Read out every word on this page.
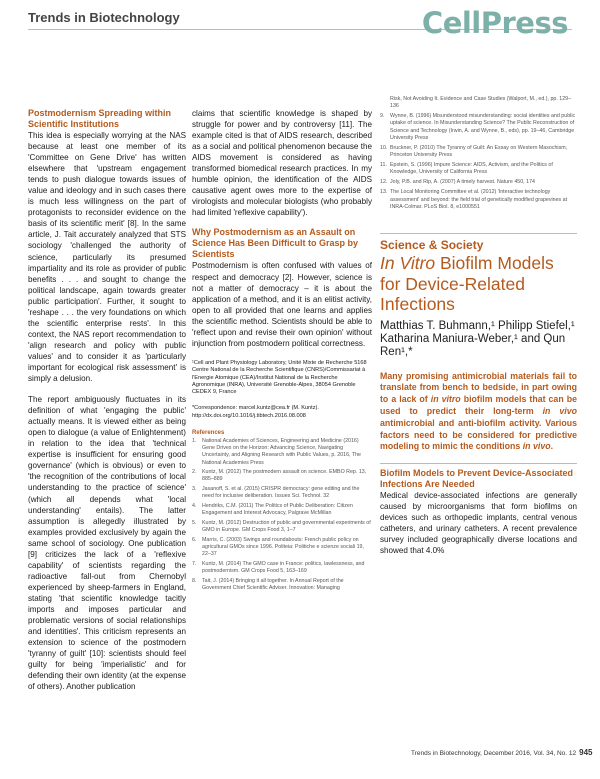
Trends in Biotechnology	CellPress

Postmodernism Spreading within Scientific Institutions

This idea is especially worrying at the NAS because at least one member of its 'Committee on Gene Drive' has written elsewhere that 'upstream engagement tends to push dialogue towards issues of value and ideology and in such cases there is much less willingness on the part of protagonists to reconsider evidence on the basis of its scientific merit' [8]. In the same article, J. Tait accurately analyzed that STS sociology 'challenged the authority of science, particularly its presumed impartiality and its role as provider of public benefits . . . and sought to change the political landscape, again towards greater public participation'. Further, it sought to 'reshape . . . the very foundations on which the scientific enterprise rests'. In this context, the NAS report recommendation to 'align research and policy with public values' and to consider it as 'particularly important for ecological risk assessment' is simply a delusion.

The report ambiguously fluctuates in its definition of what 'engaging the public' actually means. It is viewed either as being open to dialogue (a value of Enlightenment) in relation to the idea that 'technical expertise is insufficient for ensuring good governance' (which is obvious) or even to 'the recognition of the contributions of local understanding to the practice of science' (which all depends what 'local understanding' entails). The latter assumption is allegedly illustrated by examples provided exclusively by again the same school of sociology. One publication [9] criticizes the lack of a 'reflexive capability' of scientists regarding the radioactive fall-out from Chernobyl experienced by sheep-farmers in England, stating 'that scientific knowledge tacitly imports and imposes particular and problematic versions of social relationships and identities'. This criticism represents an extension to science of the postmodern 'tyranny of guilt' [10]: scientists should feel guilty for being 'imperialistic' and for defending their own identity (at the expense of others). Another publication

claims that scientific knowledge is shaped by struggle for power and by controversy [11]. The example cited is that of AIDS research, described as a social and political phenomenon because the AIDS movement is considered as having transformed biomedical research practices. In my humble opinion, the identification of the AIDS causative agent owes more to the expertise of virologists and molecular biologists (who probably had limited 'reflexive capability').

Why Postmodernism as an Assault on Science Has Been Difficult to Grasp by Scientists

Postmodernism is often confused with values of respect and democracy [2]. However, science is not a matter of democracy – it is about the application of a method, and it is an elitist activity, open to all provided that one learns and applies the scientific method. Scientists should be able to 'reflect upon and revise their own opinion' without injunction from postmodern political correctness.

¹Cell and Plant Physiology Laboratory, Unité Mixte de Recherche 5168 Centre National de la Recherche Scientifique (CNRS)/Commissariat à l'Energie Atomique (CEA)/Institut National de la Recherche Agronomique (INRA), Université Grenoble-Alpes, 38054 Grenoble CEDEX 9, France

*Correspondence: marcel.kuntz@cea.fr (M. Kuntz).

http://dx.doi.org/10.1016/j.tibtech.2016.08.008

References

1.	National Academies of Sciences, Engineering and Medicine (2016) Gene Drives on the Horizon: Advancing Science, Navigating Uncertainty, and Aligning Research with Public Values, p. 2016, The National Academies Press
2.	Kuntz, M. (2012) The postmodern assault on science. EMBO Rep. 13, 885–889
3.	Jasanoff, S. et al. (2015) CRISPR democracy: gene editing and the need for inclusive deliberation. Issues Sci. Technol. 32
4.	Hendriks, C.M. (2011) The Politics of Public Deliberation: Citizen Engagement and Interest Advocacy, Palgrave McMillan
5.	Kuntz, M. (2012) Destruction of public and governmental experiments of GMO in Europe. GM Crops Food 3, 1–7
6.	Marris, C. (2003) Swings and roundabouts: French public policy on agricultural GMOs since 1996. Politeia: Politiche e scienze sociali 19, 22–37
7.	Kuntz, M. (2014) The GMO case in France: politics, lawlessness, and postmodernism. GM Crops Food 5, 163–169
8.	Tait, J. (2014) Bringing it all together. In Annual Report of the Government Chief Scientific Adviser. Innovation: Managing
Risk, Not Avoiding It. Evidence and Case Studies (Walport, M., ed.), pp. 129–136
9.	Wynne, B. (1996) Misunderstood misunderstanding: social identities and public uptake of science. In Misunderstanding Science? The Public Reconstruction of Science and Technology (Irwin, A. and Wynne, B., eds), pp. 19–46, Cambridge University Press
10. Bruckner, P. (2010) The Tyranny of Guilt: An Essay on Western Masochism, Princeton University Press
11. Epstein, S. (1996) Impure Science: AIDS, Activism, and the Politics of Knowledge, University of California Press
12. Joly, P.B. and Rip, A. (2007) A timely harvest. Nature 450, 174
13. The Local Monitoring Committee et al. (2012) 'Interactive technology assessment' and beyond: the field trial of genetically modified grapevines at INRA-Colmar. PLoS Biol. 8, e1000551

Science & Society

In Vitro Biofilm Models for Device-Related Infections

Matthias T. Buhmann,¹ Philipp Stiefel,¹ Katharina Maniura-Weber,¹ and Qun Ren¹,*

Many promising antimicrobial materials fail to translate from bench to bedside, in part owing to a lack of in vitro biofilm models that can be used to predict their long-term in vivo antimicrobial and anti-biofilm activity. Various factors need to be considered for predictive modeling to mimic the conditions in vivo.

Biofilm Models to Prevent Device-Associated Infections Are Needed

Medical device-associated infections are generally caused by microorganisms that form biofilms on devices such as orthopedic implants, central venous catheters, and urinary catheters. A recent prevalence survey included geographically diverse locations and showed that 4.0%

Trends in Biotechnology, December 2016, Vol. 34, No. 12 945
